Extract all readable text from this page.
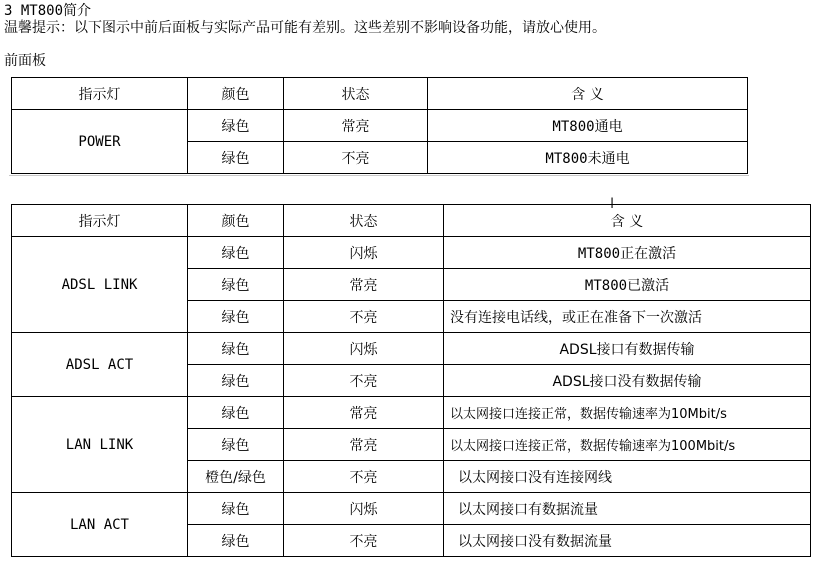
3 MT800简介
温馨提示：以下图示中前后面板与实际产品可能有差别。这些差别不影响设备功能，请放心使用。
前面板
指示灯	颜色	状态	含 义
POWER	绿色	常亮	MT800通电
	绿色	不亮	MT800未通电
I
指示灯	颜色	状态	含 义
ADSL LINK	绿色	闪烁	MT800正在激活
	绿色	常亮	MT800已激活
	绿色	不亮	没有连接电话线，或正在准备下一次激活
ADSL ACT	绿色	闪烁	ADSL接口有数据传输
	绿色	不亮	ADSL接口没有数据传输
LAN LINK	绿色	常亮	以太网接口连接正常，数据传输速率为10Mbit/s
	绿色	常亮	以太网接口连接正常，数据传输速率为100Mbit/s
	橙色/绿色	不亮	以太网接口没有连接网线
LAN ACT	绿色	闪烁	以太网接口有数据流量
	绿色	不亮	以太网接口没有数据流量
